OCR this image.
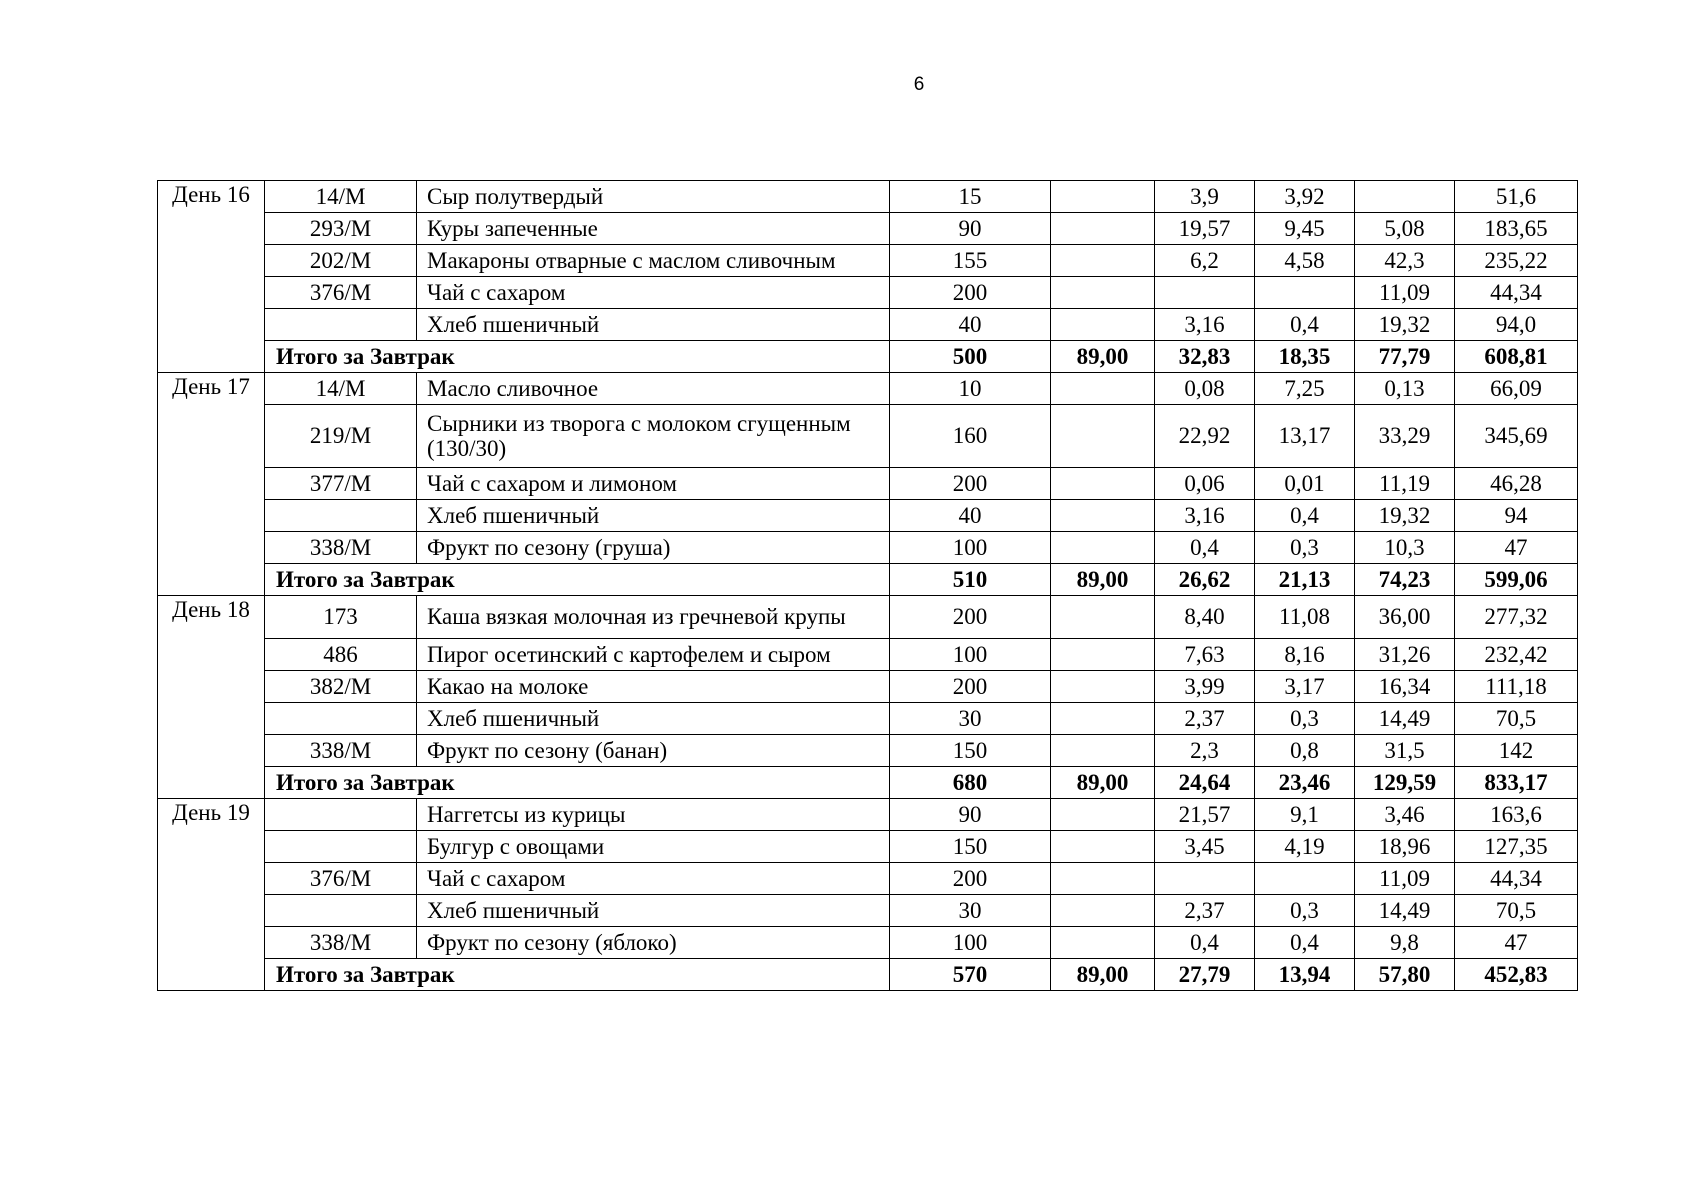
6
День 16	14/М	Сыр полутвердый	15		3,9	3,92		51,6
	293/М	Куры запеченные	90		19,57	9,45	5,08	183,65
	202/М	Макароны отварные с маслом сливочным	155		6,2	4,58	42,3	235,22
	376/М	Чай с сахаром	200				11,09	44,34
		Хлеб пшеничный	40		3,16	0,4	19,32	94,0
	Итого за Завтрак		500	89,00	32,83	18,35	77,79	608,81
День 17	14/М	Масло сливочное	10		0,08	7,25	0,13	66,09
	219/М	Сырники из творога с молоком сгущенным (130/30)	160		22,92	13,17	33,29	345,69
	377/М	Чай с сахаром и лимоном	200		0,06	0,01	11,19	46,28
		Хлеб пшеничный	40		3,16	0,4	19,32	94
	338/М	Фрукт по сезону (груша)	100		0,4	0,3	10,3	47
	Итого за Завтрак		510	89,00	26,62	21,13	74,23	599,06
День 18	173	Каша вязкая молочная из гречневой крупы	200		8,40	11,08	36,00	277,32
	486	Пирог осетинский с картофелем и сыром	100		7,63	8,16	31,26	232,42
	382/М	Какао на молоке	200		3,99	3,17	16,34	111,18
		Хлеб пшеничный	30		2,37	0,3	14,49	70,5
	338/М	Фрукт по сезону (банан)	150		2,3	0,8	31,5	142
	Итого за Завтрак		680	89,00	24,64	23,46	129,59	833,17
День 19		Наггетсы из курицы	90		21,57	9,1	3,46	163,6
		Булгур с овощами	150		3,45	4,19	18,96	127,35
	376/М	Чай с сахаром	200				11,09	44,34
		Хлеб пшеничный	30		2,37	0,3	14,49	70,5
	338/М	Фрукт по сезону (яблоко)	100		0,4	0,4	9,8	47
	Итого за Завтрак		570	89,00	27,79	13,94	57,80	452,83
